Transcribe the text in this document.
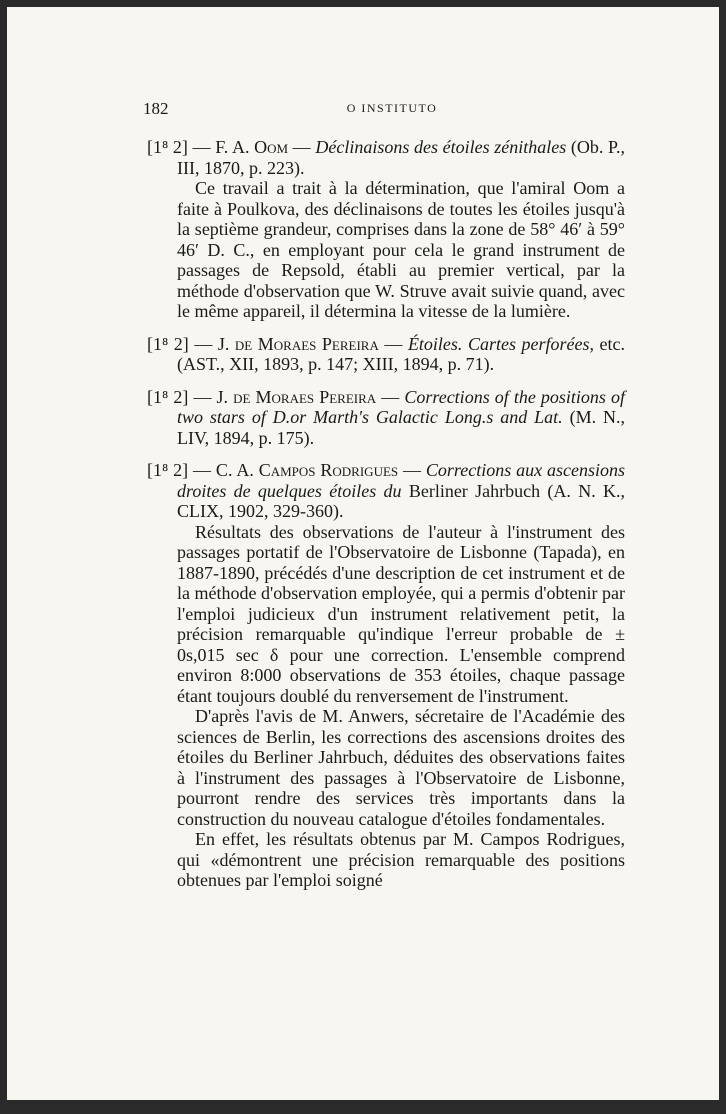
182	O INSTITUTO
[1⁸ 2] — F. A. Oom — Déclinaisons des étoiles zénithales (Ob. P., III, 1870, p. 223).

Ce travail a trait à la détermination, que l'amiral Oom a faite à Poulkova, des déclinaisons de toutes les étoiles jusqu'à la septième grandeur, comprises dans la zone de 58° 46′ à 59° 46′ D. C., en employant pour cela le grand instrument de passages de Repsold, établi au premier vertical, par la méthode d'observation que W. Struve avait suivie quand, avec le même appareil, il détermina la vitesse de la lumière.

[1⁸ 2] — J. de Moraes Pereira — Étoiles. Cartes perforées, etc. (AST., XII, 1893, p. 147; XIII, 1894, p. 71).
[1⁸ 2] — J. de Moraes Pereira — Corrections of the positions of two stars of D.or Marth's Galactic Long.s and Lat. (M. N., LIV, 1894, p. 175).
[1⁸ 2] — C. A. Campos Rodrigues — Corrections aux ascensions droites de quelques étoiles du Berliner Jahrbuch (A. N. K., CLIX, 1902, 329-360).

Résultats des observations de l'auteur à l'instrument des passages portatif de l'Observatoire de Lisbonne (Tapada), en 1887-1890, précédés d'une description de cet instrument et de la méthode d'observation employée, qui a permis d'obtenir par l'emploi judicieux d'un instrument relativement petit, la précision remarquable qu'indique l'erreur probable de ± 0s,015 sec δ pour une correction. L'ensemble comprend environ 8:000 observations de 353 étoiles, chaque passage étant toujours doublé du renversement de l'instrument.

D'après l'avis de M. Anwers, sécretaire de l'Académie des sciences de Berlin, les corrections des ascensions droites des étoiles du Berliner Jahrbuch, déduites des observations faites à l'instrument des passages à l'Observatoire de Lisbonne, pourront rendre des services très importants dans la construction du nouveau catalogue d'étoiles fondamentales.

En effet, les résultats obtenus par M. Campos Rodrigues, qui «démontrent une précision remarquable des positions obtenues par l'emploi soigné
